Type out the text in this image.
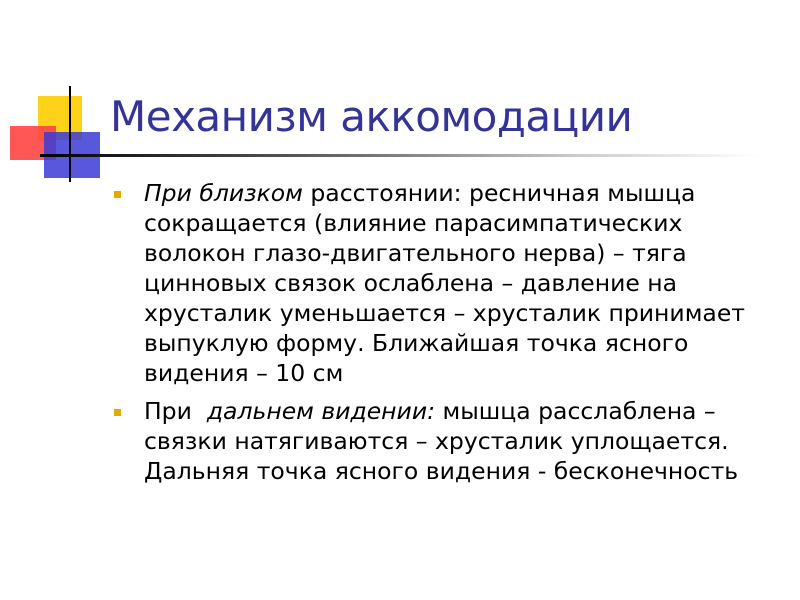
Механизм аккомодации
При близком расстоянии: ресничная мышца сокращается (влияние парасимпатических волокон глазо-двигательного нерва) – тяга цинновых связок ослаблена – давление на хрусталик уменьшается – хрусталик принимает выпуклую форму. Ближайшая точка ясного видения – 10 см
При  дальнем видении: мышца расслаблена – связки натягиваются – хрусталик уплощается. Дальняя точка ясного видения - бесконечность
